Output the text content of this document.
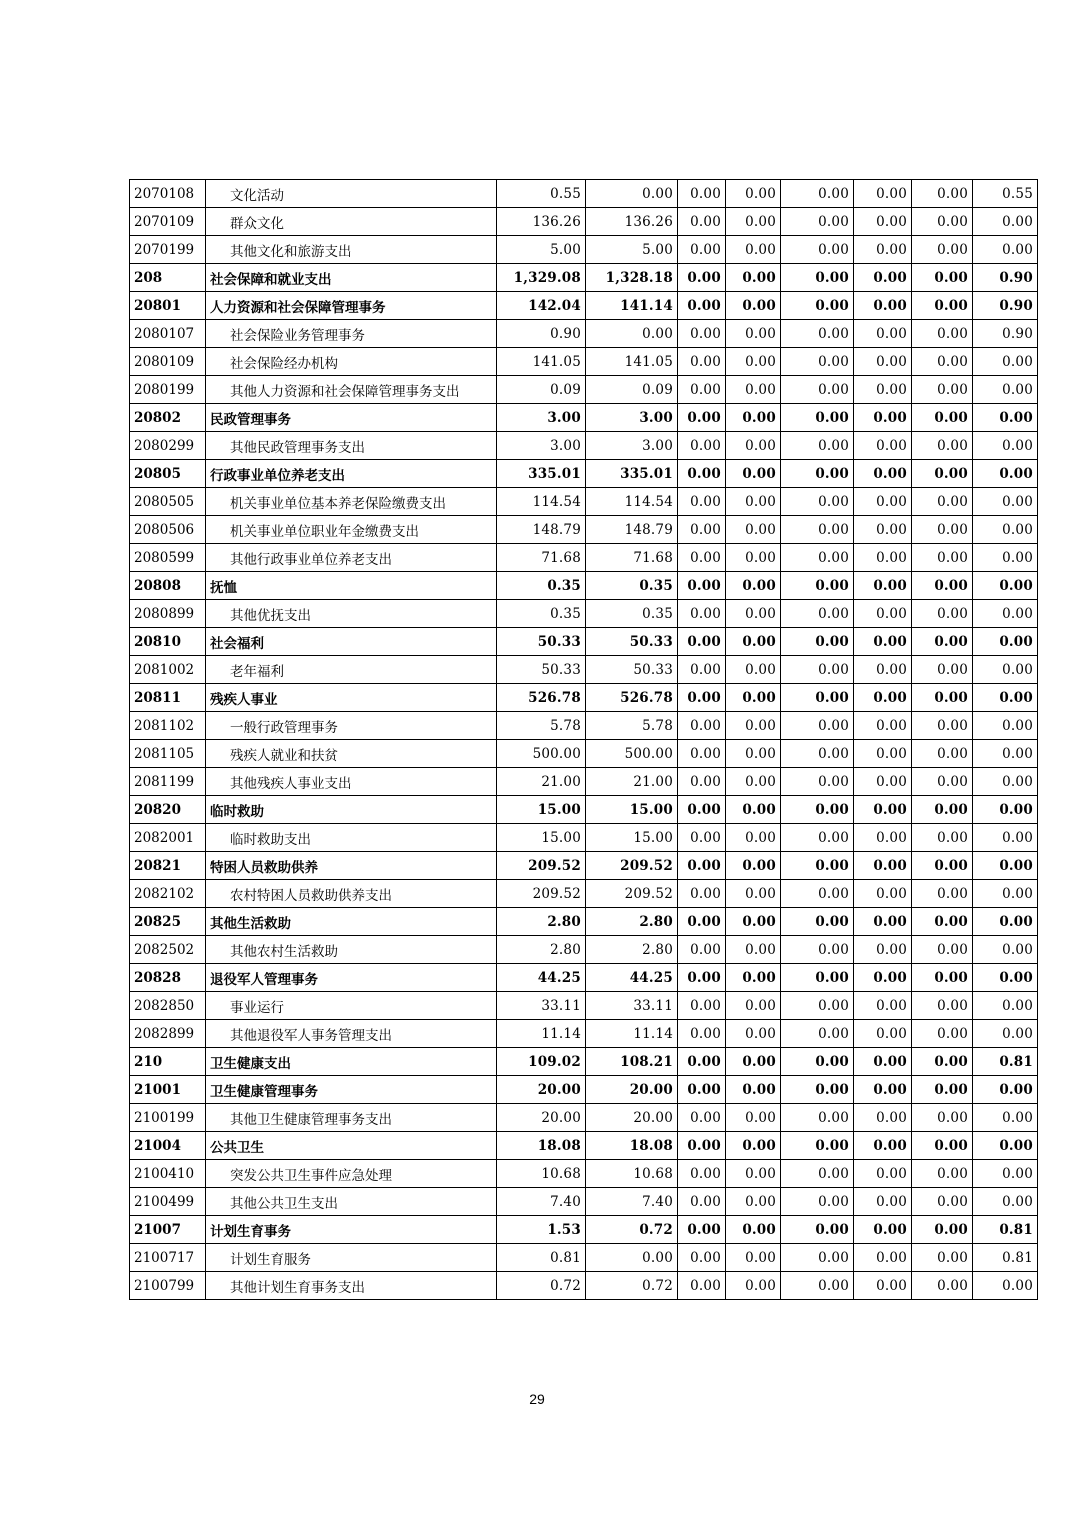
2070108	文化活动	0.55	0.00	0.00	0.00	0.00	0.00	0.00	0.55
2070109	群众文化	136.26	136.26	0.00	0.00	0.00	0.00	0.00	0.00
2070199	其他文化和旅游支出	5.00	5.00	0.00	0.00	0.00	0.00	0.00	0.00
208	社会保障和就业支出	1,329.08	1,328.18	0.00	0.00	0.00	0.00	0.00	0.90
20801	人力资源和社会保障管理事务	142.04	141.14	0.00	0.00	0.00	0.00	0.00	0.90
2080107	社会保险业务管理事务	0.90	0.00	0.00	0.00	0.00	0.00	0.00	0.90
2080109	社会保险经办机构	141.05	141.05	0.00	0.00	0.00	0.00	0.00	0.00
2080199	其他人力资源和社会保障管理事务支出	0.09	0.09	0.00	0.00	0.00	0.00	0.00	0.00
20802	民政管理事务	3.00	3.00	0.00	0.00	0.00	0.00	0.00	0.00
2080299	其他民政管理事务支出	3.00	3.00	0.00	0.00	0.00	0.00	0.00	0.00
20805	行政事业单位养老支出	335.01	335.01	0.00	0.00	0.00	0.00	0.00	0.00
2080505	机关事业单位基本养老保险缴费支出	114.54	114.54	0.00	0.00	0.00	0.00	0.00	0.00
2080506	机关事业单位职业年金缴费支出	148.79	148.79	0.00	0.00	0.00	0.00	0.00	0.00
2080599	其他行政事业单位养老支出	71.68	71.68	0.00	0.00	0.00	0.00	0.00	0.00
20808	抚恤	0.35	0.35	0.00	0.00	0.00	0.00	0.00	0.00
2080899	其他优抚支出	0.35	0.35	0.00	0.00	0.00	0.00	0.00	0.00
20810	社会福利	50.33	50.33	0.00	0.00	0.00	0.00	0.00	0.00
2081002	老年福利	50.33	50.33	0.00	0.00	0.00	0.00	0.00	0.00
20811	残疾人事业	526.78	526.78	0.00	0.00	0.00	0.00	0.00	0.00
2081102	一般行政管理事务	5.78	5.78	0.00	0.00	0.00	0.00	0.00	0.00
2081105	残疾人就业和扶贫	500.00	500.00	0.00	0.00	0.00	0.00	0.00	0.00
2081199	其他残疾人事业支出	21.00	21.00	0.00	0.00	0.00	0.00	0.00	0.00
20820	临时救助	15.00	15.00	0.00	0.00	0.00	0.00	0.00	0.00
2082001	临时救助支出	15.00	15.00	0.00	0.00	0.00	0.00	0.00	0.00
20821	特困人员救助供养	209.52	209.52	0.00	0.00	0.00	0.00	0.00	0.00
2082102	农村特困人员救助供养支出	209.52	209.52	0.00	0.00	0.00	0.00	0.00	0.00
20825	其他生活救助	2.80	2.80	0.00	0.00	0.00	0.00	0.00	0.00
2082502	其他农村生活救助	2.80	2.80	0.00	0.00	0.00	0.00	0.00	0.00
20828	退役军人管理事务	44.25	44.25	0.00	0.00	0.00	0.00	0.00	0.00
2082850	事业运行	33.11	33.11	0.00	0.00	0.00	0.00	0.00	0.00
2082899	其他退役军人事务管理支出	11.14	11.14	0.00	0.00	0.00	0.00	0.00	0.00
210	卫生健康支出	109.02	108.21	0.00	0.00	0.00	0.00	0.00	0.81
21001	卫生健康管理事务	20.00	20.00	0.00	0.00	0.00	0.00	0.00	0.00
2100199	其他卫生健康管理事务支出	20.00	20.00	0.00	0.00	0.00	0.00	0.00	0.00
21004	公共卫生	18.08	18.08	0.00	0.00	0.00	0.00	0.00	0.00
2100410	突发公共卫生事件应急处理	10.68	10.68	0.00	0.00	0.00	0.00	0.00	0.00
2100499	其他公共卫生支出	7.40	7.40	0.00	0.00	0.00	0.00	0.00	0.00
21007	计划生育事务	1.53	0.72	0.00	0.00	0.00	0.00	0.00	0.81
2100717	计划生育服务	0.81	0.00	0.00	0.00	0.00	0.00	0.00	0.81
2100799	其他计划生育事务支出	0.72	0.72	0.00	0.00	0.00	0.00	0.00	0.00
29
